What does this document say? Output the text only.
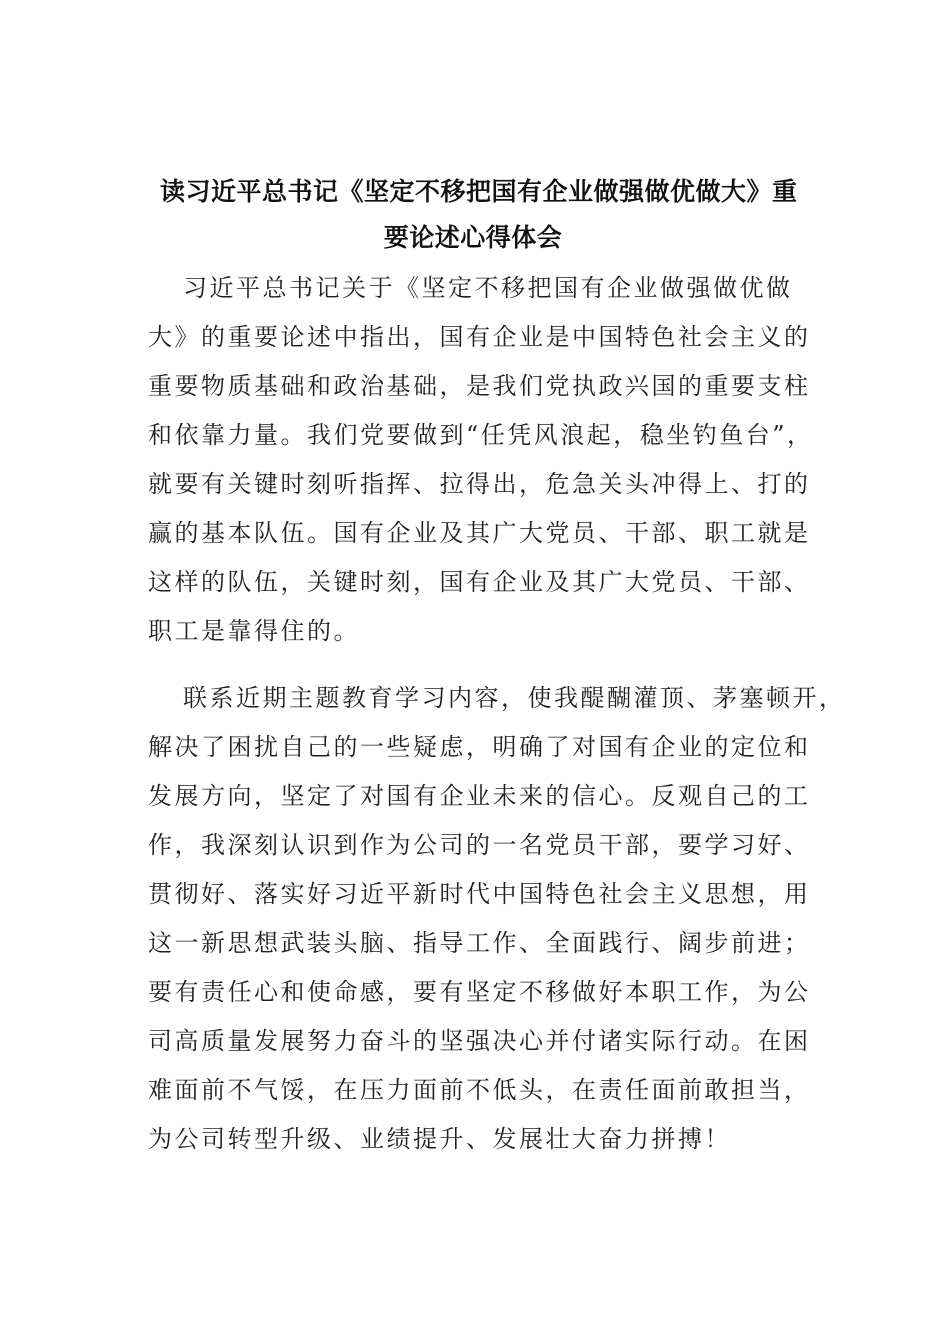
读习近平总书记《坚定不移把国有企业做强做优做大》重
要论述心得体会
习近平总书记关于《坚定不移把国有企业做强做优做
大》的重要论述中指出，国有企业是中国特色社会主义的
重要物质基础和政治基础，是我们党执政兴国的重要支柱
和依靠力量。我们党要做到“任凭风浪起，稳坐钓鱼台”，
就要有关键时刻听指挥、拉得出，危急关头冲得上、打的
赢的基本队伍。国有企业及其广大党员、干部、职工就是
这样的队伍，关键时刻，国有企业及其广大党员、干部、
职工是靠得住的。
联系近期主题教育学习内容，使我醍醐灌顶、茅塞顿开，
解决了困扰自己的一些疑虑，明确了对国有企业的定位和
发展方向，坚定了对国有企业未来的信心。反观自己的工
作，我深刻认识到作为公司的一名党员干部，要学习好、
贯彻好、落实好习近平新时代中国特色社会主义思想，用
这一新思想武装头脑、指导工作、全面践行、阔步前进；
要有责任心和使命感，要有坚定不移做好本职工作，为公
司高质量发展努力奋斗的坚强决心并付诸实际行动。在困
难面前不气馁，在压力面前不低头，在责任面前敢担当，
为公司转型升级、业绩提升、发展壮大奋力拼搏！
